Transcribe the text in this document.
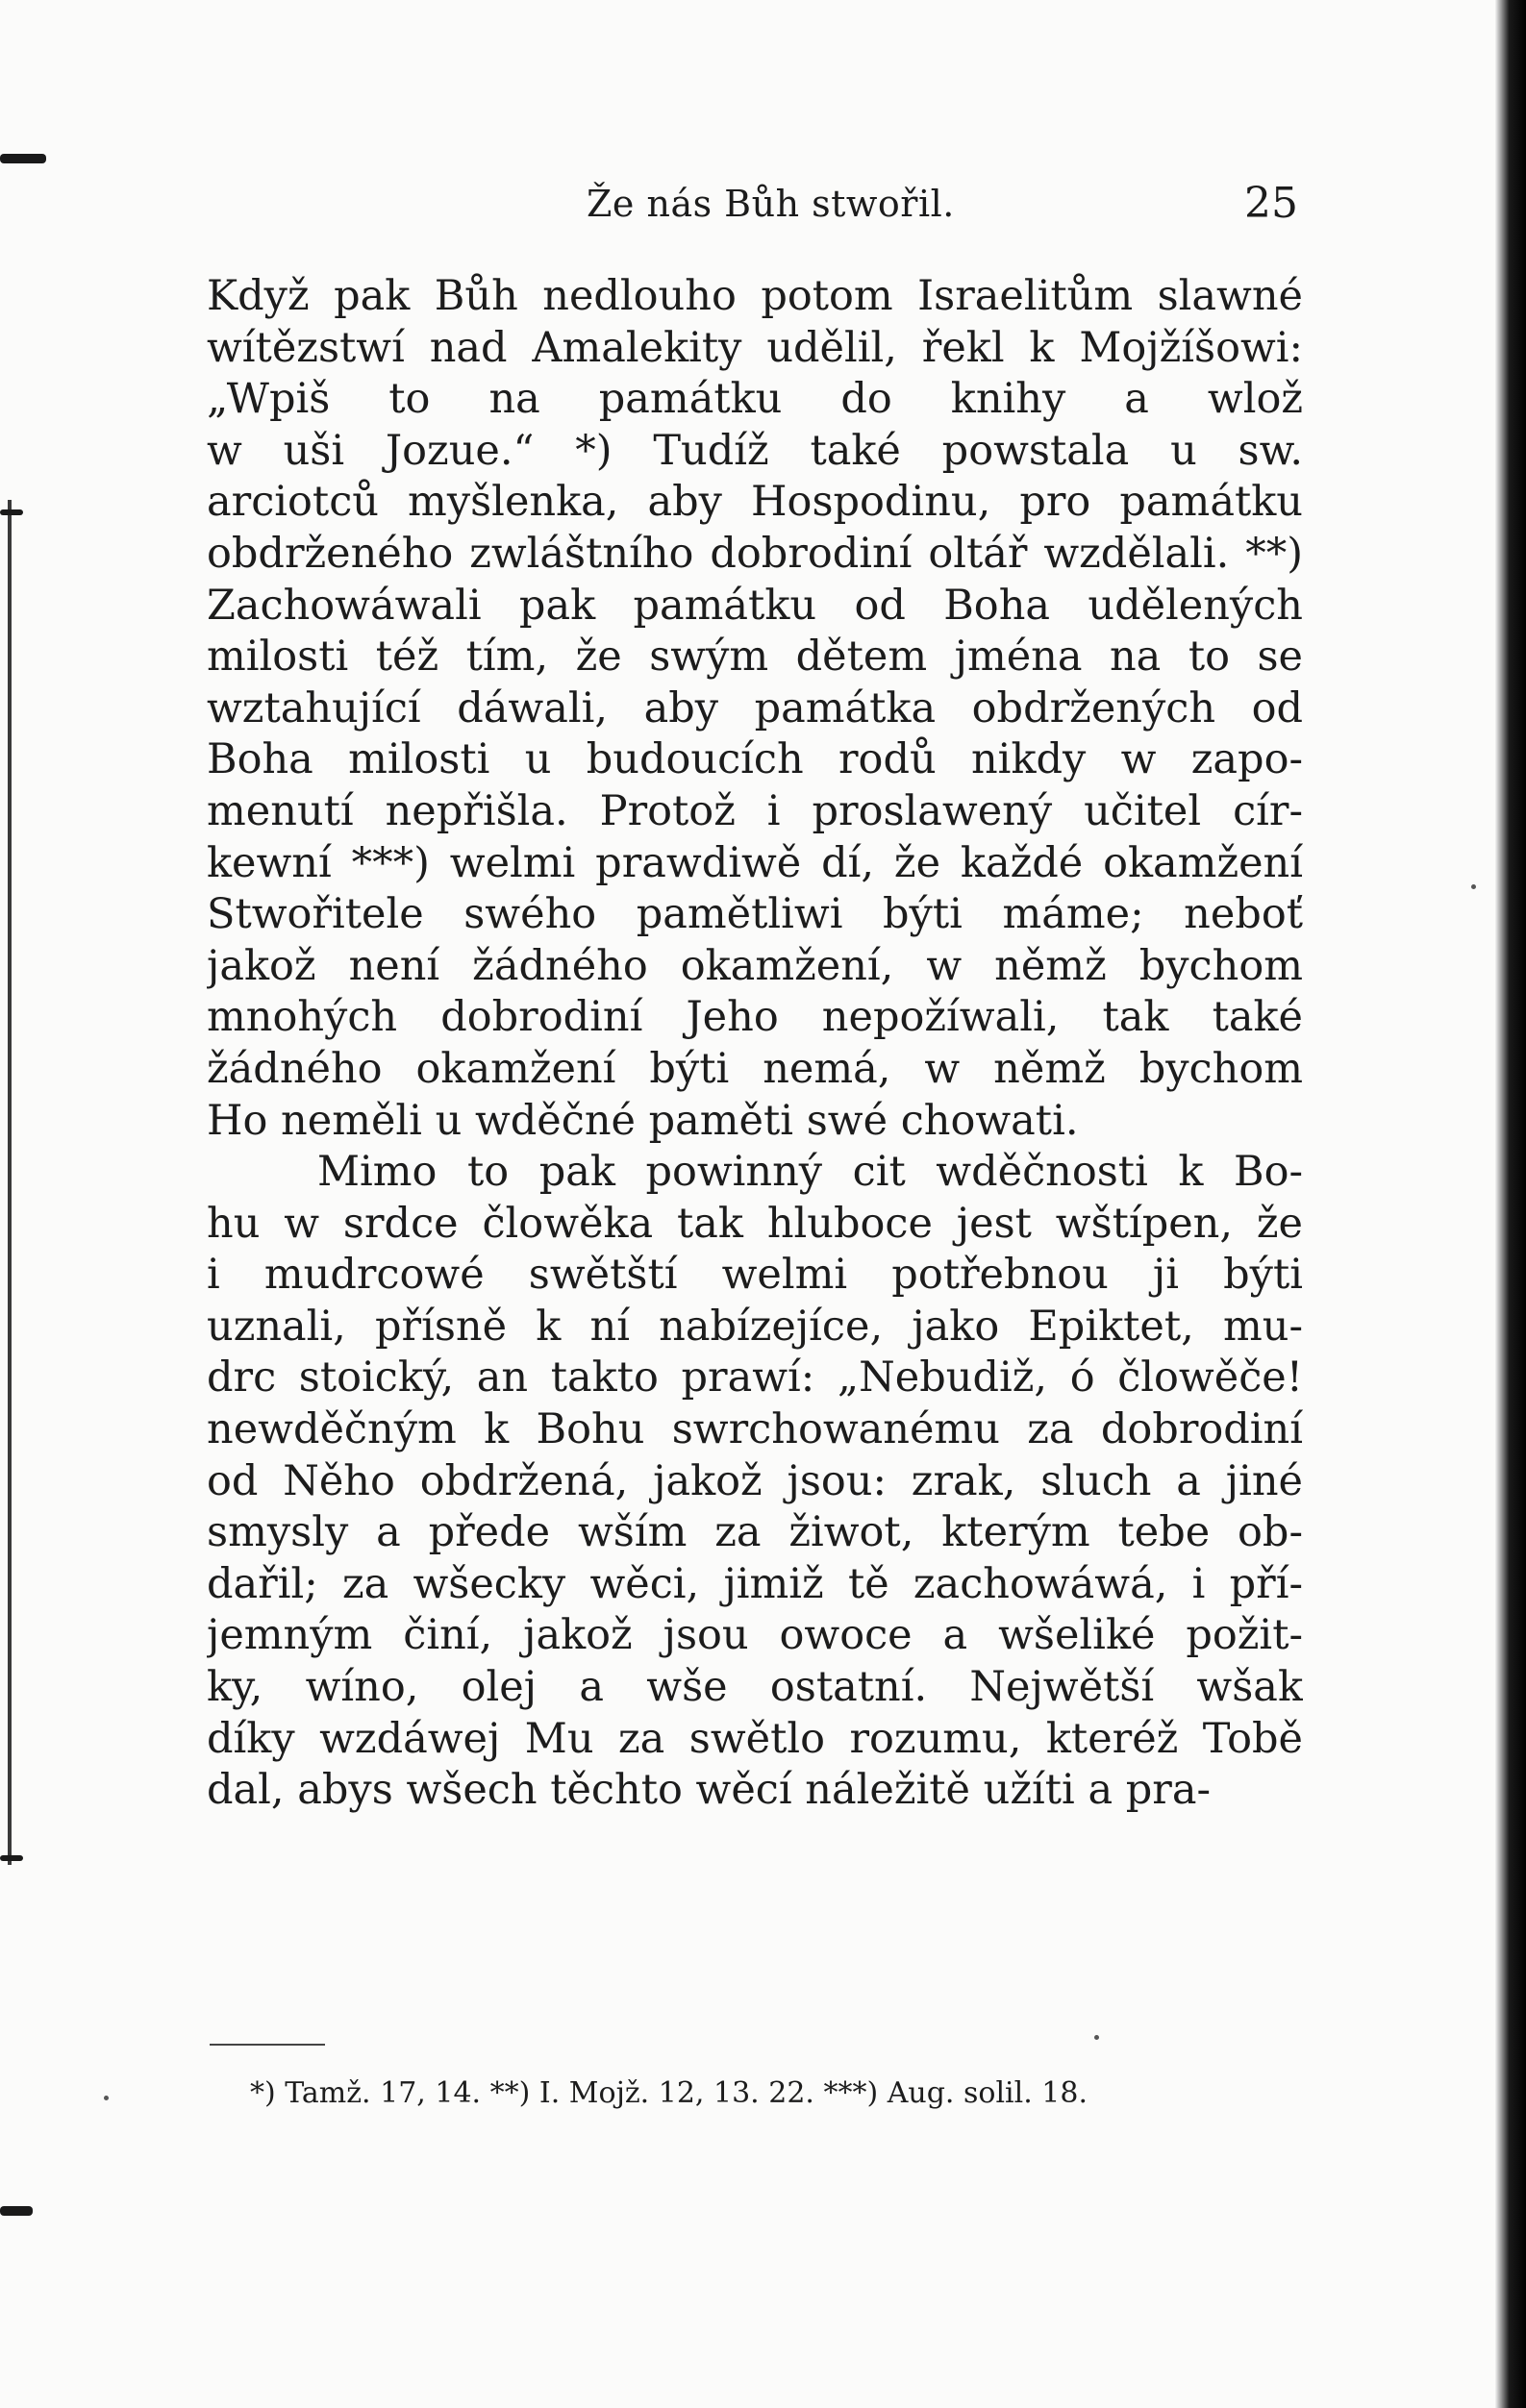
Že nás Bůh stwořil.	25
Když pak Bůh nedlouho potom Israelitům slawné
wítězstwí nad Amalekity udělil, řekl k Mojžíšowi:
„Wpiš to na památku do knihy a wlož
w uši Jozue.“ *) Tudíž také powstala u sw.
arciotců myšlenka, aby Hospodinu, pro památku
obdrženého zwláštního dobrodiní oltář wzdělali. **)
Zachowáwali pak památku od Boha udělených
milosti též tím, že swým dětem jména na to se
wztahující dáwali, aby památka obdržených od
Boha milosti u budoucích rodů nikdy w zapo-
menutí nepřišla. Protož i proslawený učitel cír-
kewní ***) welmi prawdiwě dí, že každé okamžení
Stwořitele swého pamětliwi býti máme; neboť
jakož není žádného okamžení, w němž bychom
mnohých dobrodiní Jeho nepožíwali, tak také
žádného okamžení býti nemá, w němž bychom
Ho neměli u wděčné paměti swé chowati.
Mimo to pak powinný cit wděčnosti k Bo-
hu w srdce člowěka tak hluboce jest wštípen, že
i mudrcowé swětští welmi potřebnou ji býti
uznali, přísně k ní nabízejíce, jako Epiktet, mu-
drc stoický, an takto prawí: „Nebudiž, ó člowěče!
newděčným k Bohu swrchowanému za dobrodiní
od Něho obdržená, jakož jsou: zrak, sluch a jiné
smysly a přede wším za žiwot, kterým tebe ob-
dařil; za wšecky wěci, jimiž tě zachowáwá, i pří-
jemným činí, jakož jsou owoce a wšeliké požit-
ky, wíno, olej a wše ostatní. Nejwětší wšak
díky wzdáwej Mu za swětlo rozumu, kteréž Tobě
dal, abys wšech těchto wěcí náležitě užíti a pra-
*) Tamž. 17, 14. **) I. Mojž. 12, 13. 22. ***) Aug. solil. 18.
